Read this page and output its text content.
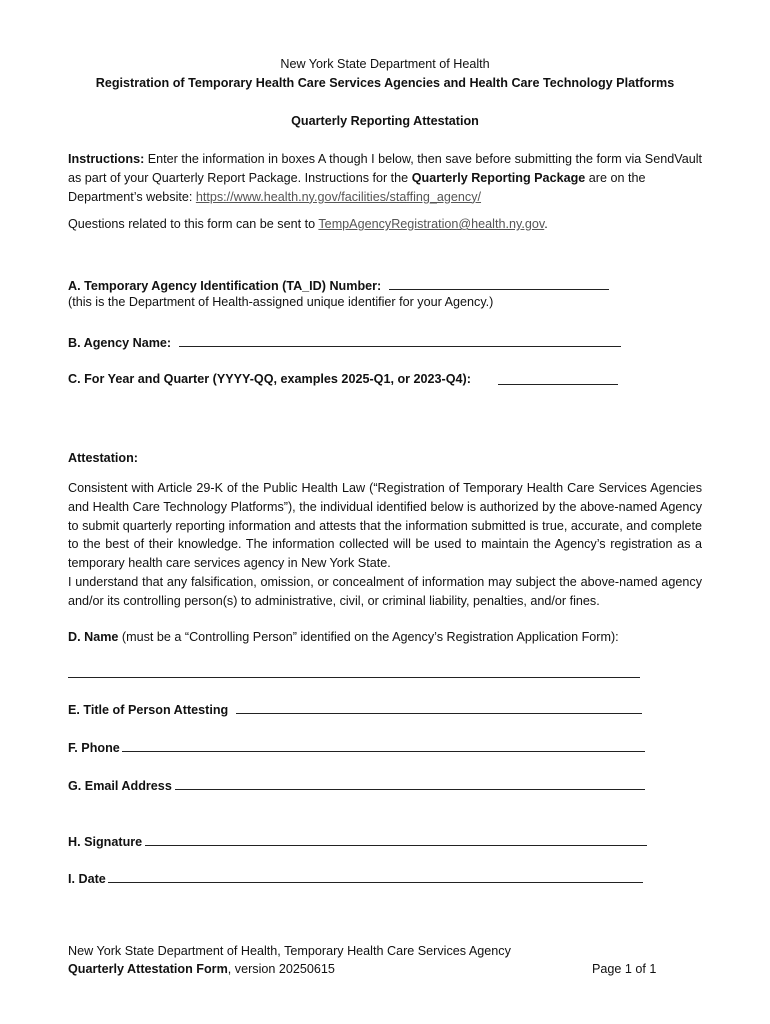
New York State Department of Health
Registration of Temporary Health Care Services Agencies and Health Care Technology Platforms
Quarterly Reporting Attestation
Instructions: Enter the information in boxes A though I below, then save before submitting the form via SendVault as part of your Quarterly Report Package. Instructions for the Quarterly Reporting Package are on the Department’s website: https://www.health.ny.gov/facilities/staffing_agency/
Questions related to this form can be sent to TempAgencyRegistration@health.ny.gov.
A. Temporary Agency Identification (TA_ID) Number:
(this is the Department of Health-assigned unique identifier for your Agency.)
B. Agency Name:
C. For Year and Quarter (YYYY-QQ, examples 2025-Q1, or 2023-Q4):
Attestation:
Consistent with Article 29-K of the Public Health Law (“Registration of Temporary Health Care Services Agencies and Health Care Technology Platforms”), the individual identified below is authorized by the above-named Agency to submit quarterly reporting information and attests that the information submitted is true, accurate, and complete to the best of their knowledge. The information collected will be used to maintain the Agency’s registration as a temporary health care services agency in New York State.
I understand that any falsification, omission, or concealment of information may subject the above-named agency and/or its controlling person(s) to administrative, civil, or criminal liability, penalties, and/or fines.
D. Name (must be a “Controlling Person” identified on the Agency’s Registration Application Form):
E. Title of Person Attesting
F. Phone
G. Email Address
H. Signature
I. Date
New York State Department of Health, Temporary Health Care Services Agency
Quarterly Attestation Form, version 20250615	Page 1 of 1
